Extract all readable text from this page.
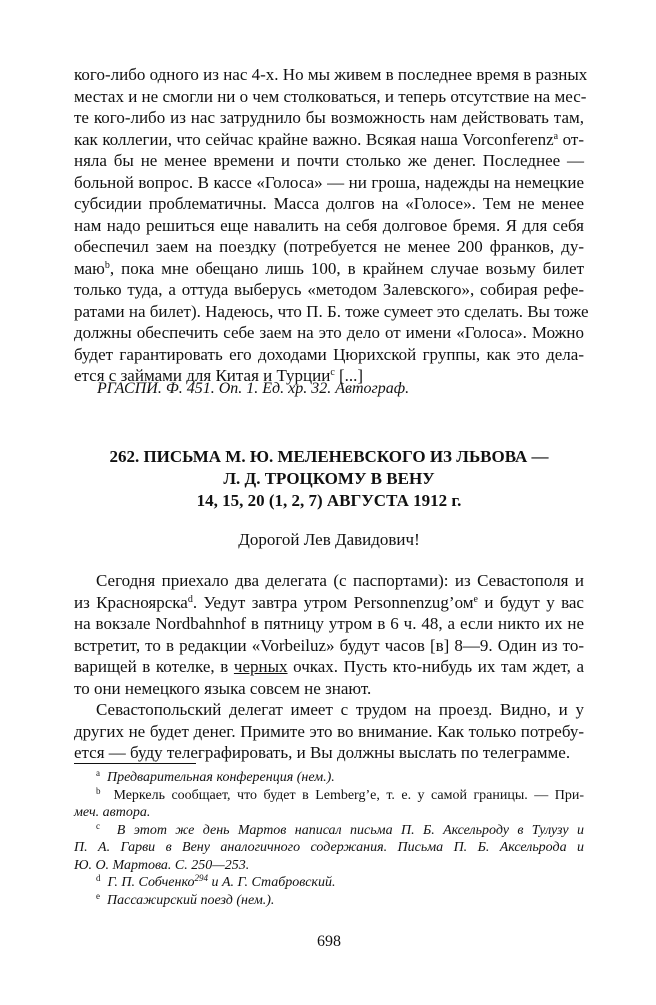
кого-либо одного из нас 4-х. Но мы живем в последнее время в разных
местах и не смогли ни о чем столковаться, и теперь отсутствие на мес-
те кого-либо из нас затруднило бы возможность нам действовать там,
как коллегии, что сейчас крайне важно. Всякая наша Vorconferenz$^a$ от-
няла бы не менее времени и почти столько же денег. Последнее —
больной вопрос. В кассе «Голоса» — ни гроша, надежды на немецкие
субсидии проблематичны. Масса долгов на «Голосе». Тем не менее
нам надо решиться еще навалить на себя долговое бремя. Я для себя
обеспечил заем на поездку (потребуется не менее 200 франков, ду-
маю$^b$, пока мне обещано лишь 100, в крайнем случае возьму билет
только туда, а оттуда выберусь «методом Залевского», собирая рефе-
ратами на билет). Надеюсь, что П. Б. тоже сумеет это сделать. Вы тоже
должны обеспечить себе заем на это дело от имени «Голоса». Можно
будет гарантировать его доходами Цюрихской группы, как это дела-
ется с займами для Китая и Турции$^c$ [...]

РГАСПИ. Ф. 451. Оп. 1. Ед. хр. 32. Автограф.

262. ПИСЬМА М. Ю. МЕЛЕНЕВСКОГО ИЗ ЛЬВОВА —
Л. Д. ТРОЦКОМУ В ВЕНУ
14, 15, 20 (1, 2, 7) АВГУСТА 1912 г.

Дорогой Лев Давидович!

Сегодня приехало два делегата (с паспортами): из Севастополя и
из Красноярска$^d$. Уедут завтра утром $Personnenzug’ом^e$ и будут у вас
на вокзале Nordbahnhof в пятницу утром в 6 ч. 48, а если никто их не
встретит, то в редакции «Vorbeiluz» будут часов [в] 8—9. Один из то-
варищей в котелке, в черных очках. Пусть кто-нибудь их там ждет, а
то они немецкого языка совсем не знают.
Севастопольский делегат имеет с трудом на проезд. Видно, и у
других не будет денег. Примите это во внимание. Как только потребу-
ется — буду телеграфировать, и Вы должны выслать по телеграмме.
$^a$ Предварительная конференция (нем.).
$^b$ Меркель сообщает, что будет в Lemberg’е, т. е. у самой границы. — При-
меч. автора.
$^c$ В этот же день Мартов написал письма П. Б. Аксельроду в Тулузу и
П. А. Гарви в Вену аналогичного содержания. Письма П. Б. Аксельрода и
Ю. О. Мартова. С. 250—253.
$^d$ Г. П. Собченко$^{294}$ и А. Г. Стабровский.
$^e$ Пассажирский поезд (нем.).

698
